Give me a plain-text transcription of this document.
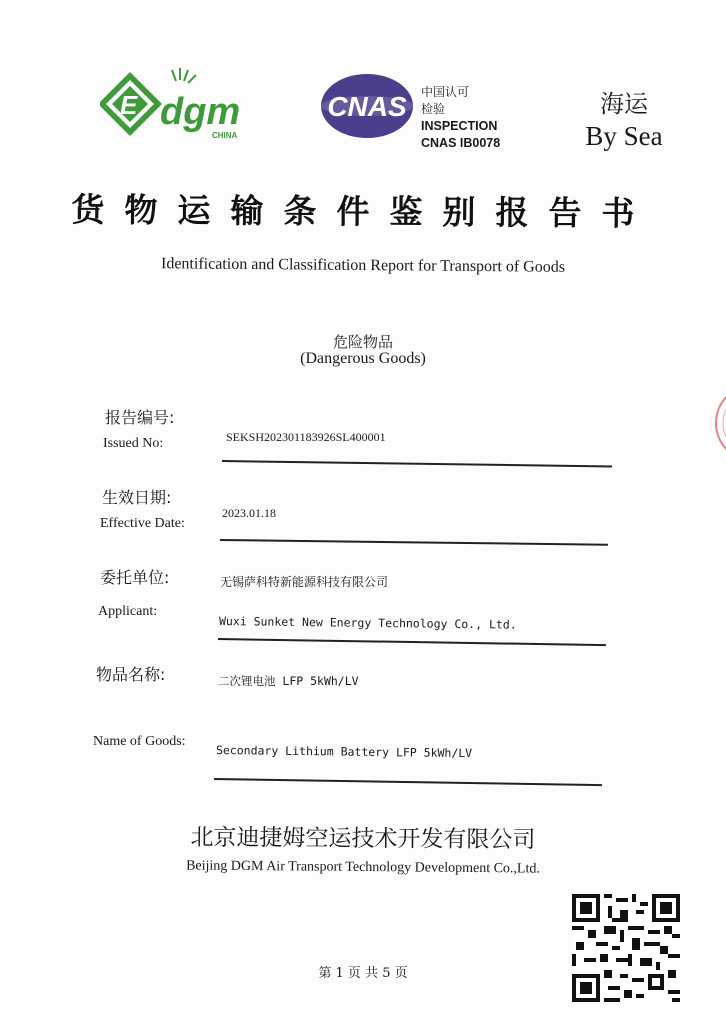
E dgm
CHINA
CNAS 中国认可
检验
INSPECTION
CNAS IB0078
海运
By Sea
货物运输条件鉴别报告书
Identification and Classification Report for Transport of Goods
危险物品
(Dangerous Goods)
报告编号:
Issued No:	SEKSH202301183926SL400001
生效日期:
Effective Date:
2023.01.18
委托单位:	无锡萨科特新能源科技有限公司
Applicant:
Wuxi Sunket New Energy Technology Co., Ltd.
物品名称:	二次锂电池 LFP 5kWh/LV
Name of Goods:
Secondary Lithium Battery LFP 5kWh/LV
北京迪捷姆空运技术开发有限公司
Beijing DGM Air Transport Technology Development Co.,Ltd.
第 1 页 共 5 页
